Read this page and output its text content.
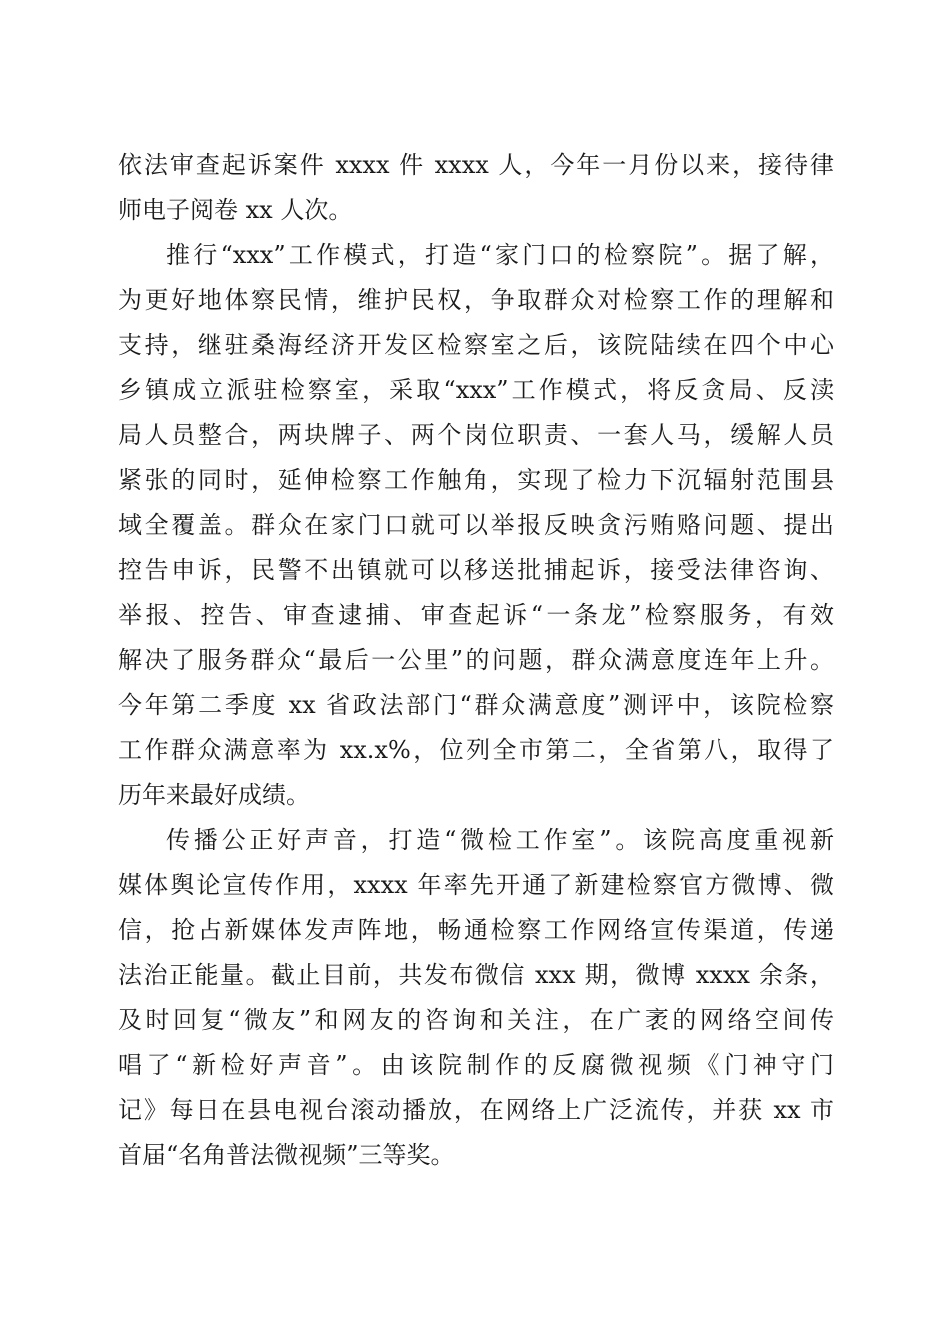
依法审查起诉案件 xxxx 件 xxxx 人，今年一月份以来，接待律
师电子阅卷 xx 人次。
推行“xxx”工作模式，打造“家门口的检察院”。据了解，
为更好地体察民情，维护民权，争取群众对检察工作的理解和
支持，继驻桑海经济开发区检察室之后，该院陆续在四个中心
乡镇成立派驻检察室，采取“xxx”工作模式，将反贪局、反渎
局人员整合，两块牌子、两个岗位职责、一套人马，缓解人员
紧张的同时，延伸检察工作触角，实现了检力下沉辐射范围县
域全覆盖。群众在家门口就可以举报反映贪污贿赂问题、提出
控告申诉，民警不出镇就可以移送批捕起诉，接受法律咨询、
举报、控告、审查逮捕、审查起诉“一条龙”检察服务，有效
解决了服务群众“最后一公里”的问题，群众满意度连年上升。
今年第二季度 xx 省政法部门“群众满意度”测评中，该院检察
工作群众满意率为 xx.x%，位列全市第二，全省第八，取得了
历年来最好成绩。
传播公正好声音，打造“微检工作室”。该院高度重视新
媒体舆论宣传作用，xxxx 年率先开通了新建检察官方微博、微
信，抢占新媒体发声阵地，畅通检察工作网络宣传渠道，传递
法治正能量。截止目前，共发布微信 xxx 期，微博 xxxx 余条，
及时回复“微友”和网友的咨询和关注，在广袤的网络空间传
唱了“新检好声音”。由该院制作的反腐微视频《门神守门
记》每日在县电视台滚动播放，在网络上广泛流传，并获 xx 市
首届“名角普法微视频”三等奖。
